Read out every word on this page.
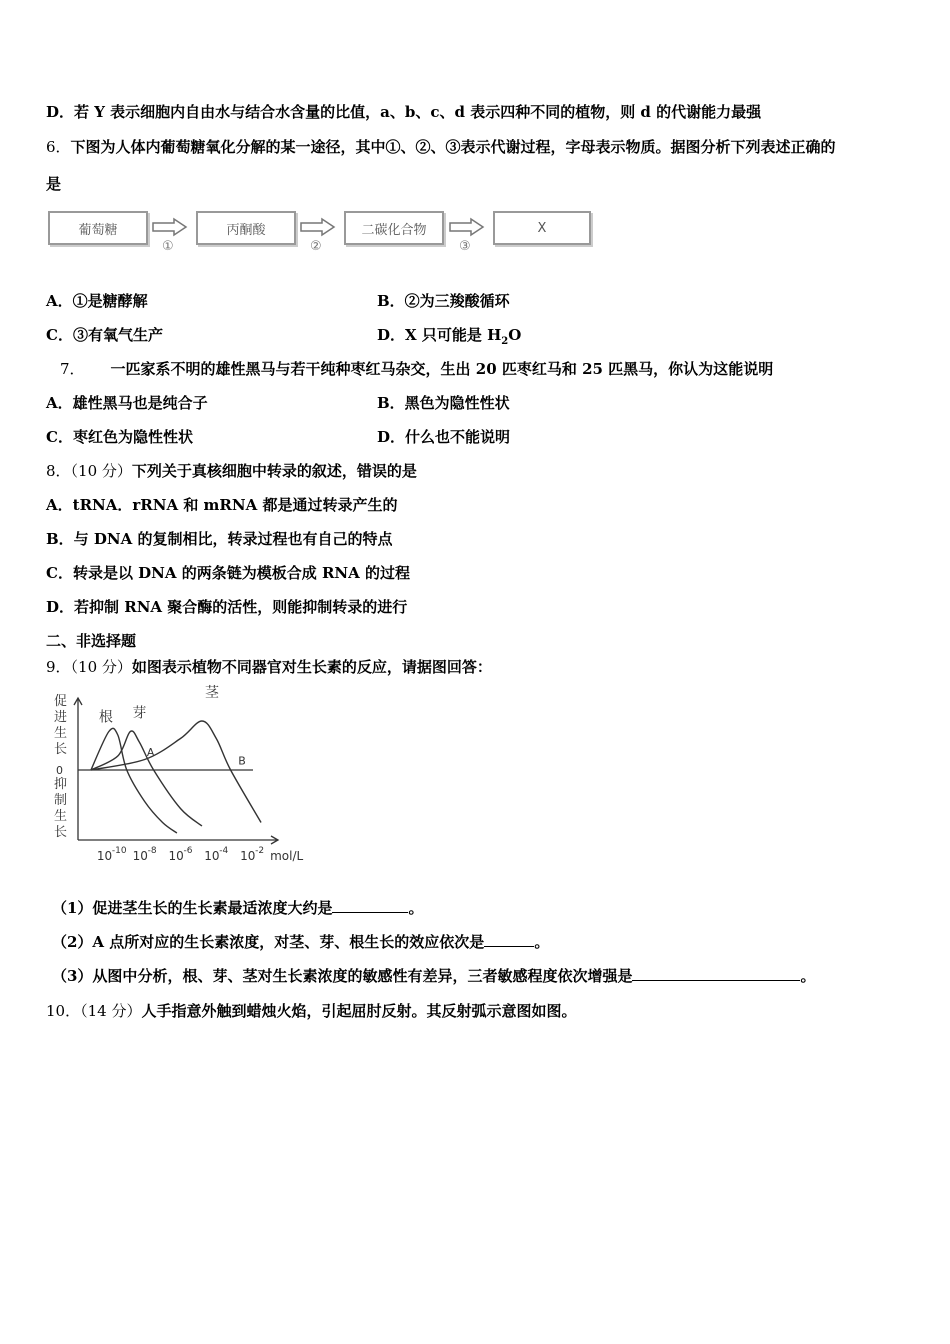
D．若 Y 表示细胞内自由水与结合水含量的比值，a、b、c、d 表示四种不同的植物，则 d 的代谢能力最强
6．下图为人体内葡萄糖氧化分解的某一途径，其中①、②、③表示代谢过程，字母表示物质。据图分析下列表述正确的
是
葡萄糖	丙酮酸	二碳化合物	X
①	②	③
A．①是糖酵解	B．②为三羧酸循环
C．③有氧气生产	D．X 只可能是 $H_2O$
7． 一匹家系不明的雄性黑马与若干纯种枣红马杂交，生出 20 匹枣红马和 25 匹黑马，你认为这能说明
A．雄性黑马也是纯合子	B．黑色为隐性性状
C．枣红色为隐性性状	D．什么也不能说明
8．（10 分）下列关于真核细胞中转录的叙述，错误的是
A．tRNA．rRNA 和 mRNA 都是通过转录产生的
B．与 DNA 的复制相比，转录过程也有自己的特点
C．转录是以 DNA 的两条链为模板合成 RNA 的过程
D．若抑制 RNA 聚合酶的活性，则能抑制转录的进行
二、非选择题
9．（10 分）如图表示植物不同器官对生长素的反应，请据图回答：
促
进
生
长
0
抑
制
生
长
根 芽
茎
A
B
10 -10 10 -8 10 -6 10 -4 10 -2 mol/L
（1）促进茎生长的生长素最适浓度大约是	。
（2）A 点所对应的生长素浓度，对茎、芽、根生长的效应依次是	。
（3）从图中分析，根、芽、茎对生长素浓度的敏感性有差异，三者敏感程度依次增强是	。
10．（14 分）人手指意外触到蜡烛火焰，引起屈肘反射。其反射弧示意图如图。
